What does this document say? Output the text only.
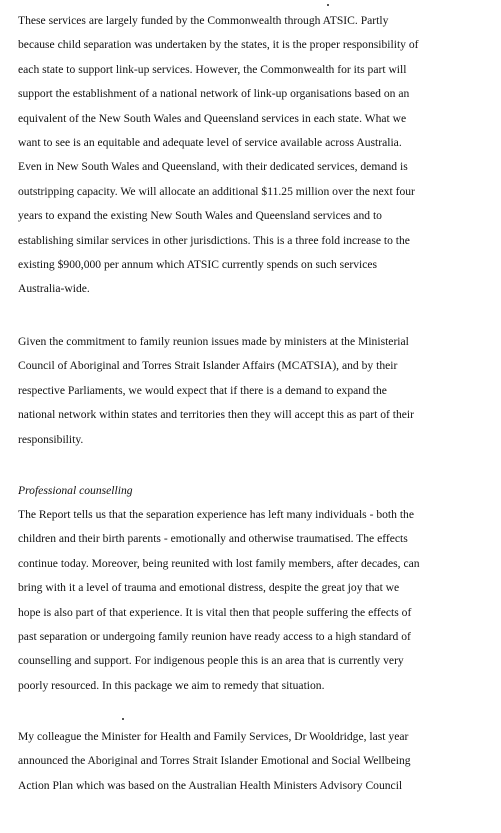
These services are largely funded by the Commonwealth through ATSIC. Partly
because child separation was undertaken by the states, it is the proper responsibility of
each state to support link-up services. However, the Commonwealth for its part will
support the establishment of a national network of link-up organisations based on an
equivalent of the New South Wales and Queensland services in each state. What we
want to see is an equitable and adequate level of service available across Australia.
Even in New South Wales and Queensland, with their dedicated services, demand is
outstripping capacity. We will allocate an additional $11.25 million over the next four
years to expand the existing New South Wales and Queensland services and to
establishing similar services in other jurisdictions. This is a three fold increase to the
existing $900,000 per annum which ATSIC currently spends on such services
Australia-wide.

Given the commitment to family reunion issues made by ministers at the Ministerial
Council of Aboriginal and Torres Strait Islander Affairs (MCATSIA), and by their
respective Parliaments, we would expect that if there is a demand to expand the
national network within states and territories then they will accept this as part of their
responsibility.

Professional counselling

The Report tells us that the separation experience has left many individuals - both the
children and their birth parents - emotionally and otherwise traumatised. The effects
continue today. Moreover, being reunited with lost family members, after decades, can
bring with it a level of trauma and emotional distress, despite the great joy that we
hope is also part of that experience. It is vital then that people suffering the effects of
past separation or undergoing family reunion have ready access to a high standard of
counselling and support. For indigenous people this is an area that is currently very
poorly resourced. In this package we aim to remedy that situation.

My colleague the Minister for Health and Family Services, Dr Wooldridge, last year
announced the Aboriginal and Torres Strait Islander Emotional and Social Wellbeing
Action Plan which was based on the Australian Health Ministers Advisory Council
